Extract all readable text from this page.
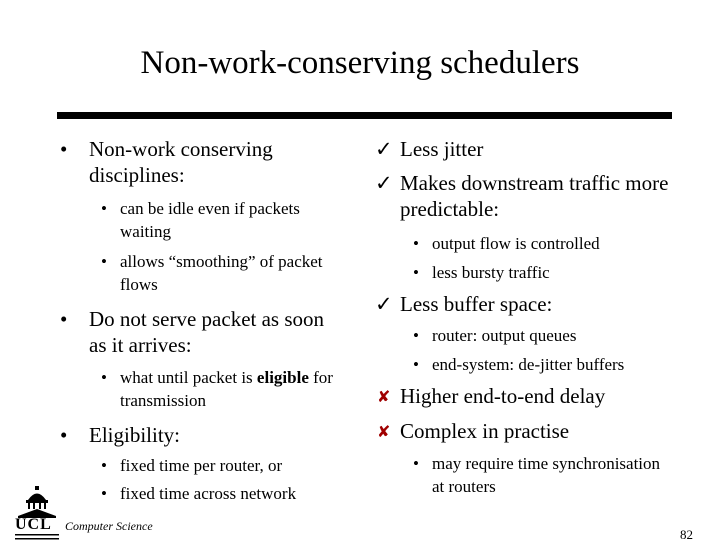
Non-work-conserving schedulers
• Non-work conserving disciplines:
• can be idle even if packets waiting
• allows “smoothing” of packet flows
• Do not serve packet as soon as it arrives:
• what until packet is eligible for transmission
• Eligibility:
• fixed time per router, or
• fixed time across network
✓ Less jitter
✓ Makes downstream traffic more predictable:
• output flow is controlled
• less bursty traffic
✓ Less buffer space:
• router: output queues
• end-system: de-jitter buffers
✘ Higher end-to-end delay
✘ Complex in practise
• may require time synchronisation at routers
UCL Computer Science
82
